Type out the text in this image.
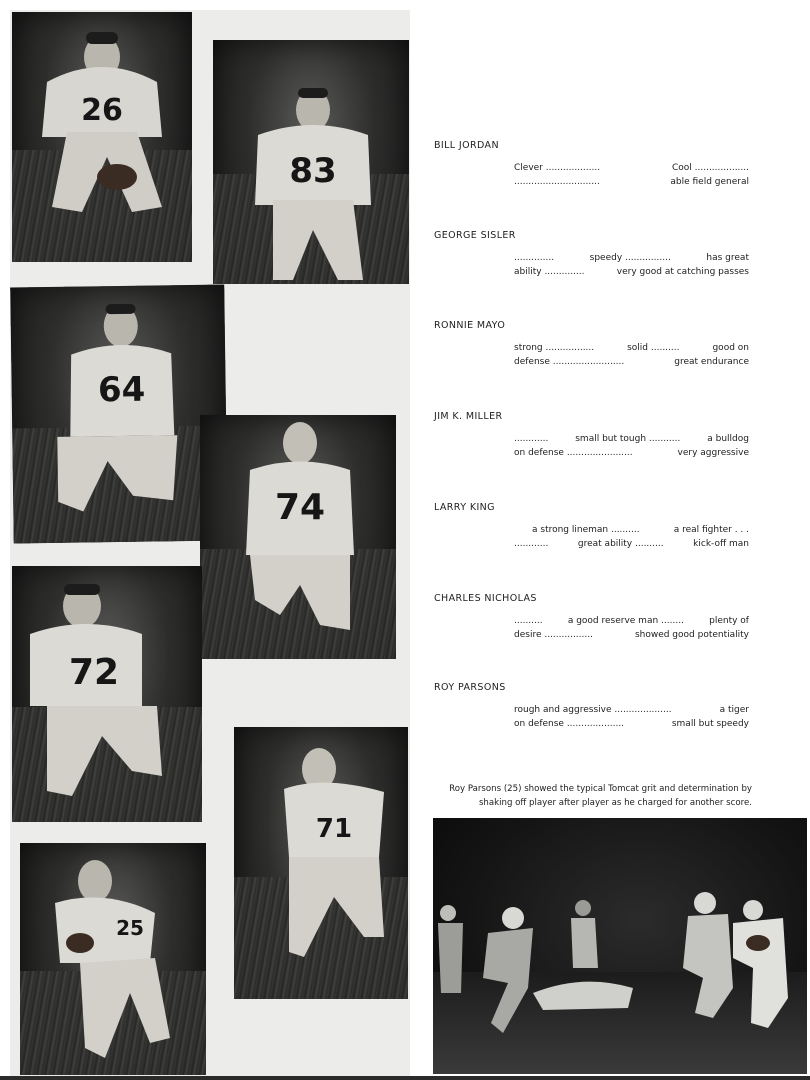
26
83
64
74
72
71
25

BILL JORDAN

Clever ...................	Cool ...................
..............................	able field general

GEORGE SISLER

..............	speedy ................	has great
ability ..............	very good at catching passes

RONNIE MAYO

strong .................	solid ..........	good on
defense .........................	great endurance

JIM K. MILLER

............	small but tough ...........	a bulldog
on defense .......................	very aggressive

LARRY KING

a strong lineman ..........	a real fighter . . .
............	great ability ..........	kick-off man

CHARLES NICHOLAS

..........	a good reserve man ........	plenty of
desire .................	showed good potentiality

ROY PARSONS

rough and aggressive ....................	a tiger
on defense ....................	small but speedy
Roy Parsons (25) showed the typical Tomcat grit and determination by shaking off player after player as he charged for another score.
